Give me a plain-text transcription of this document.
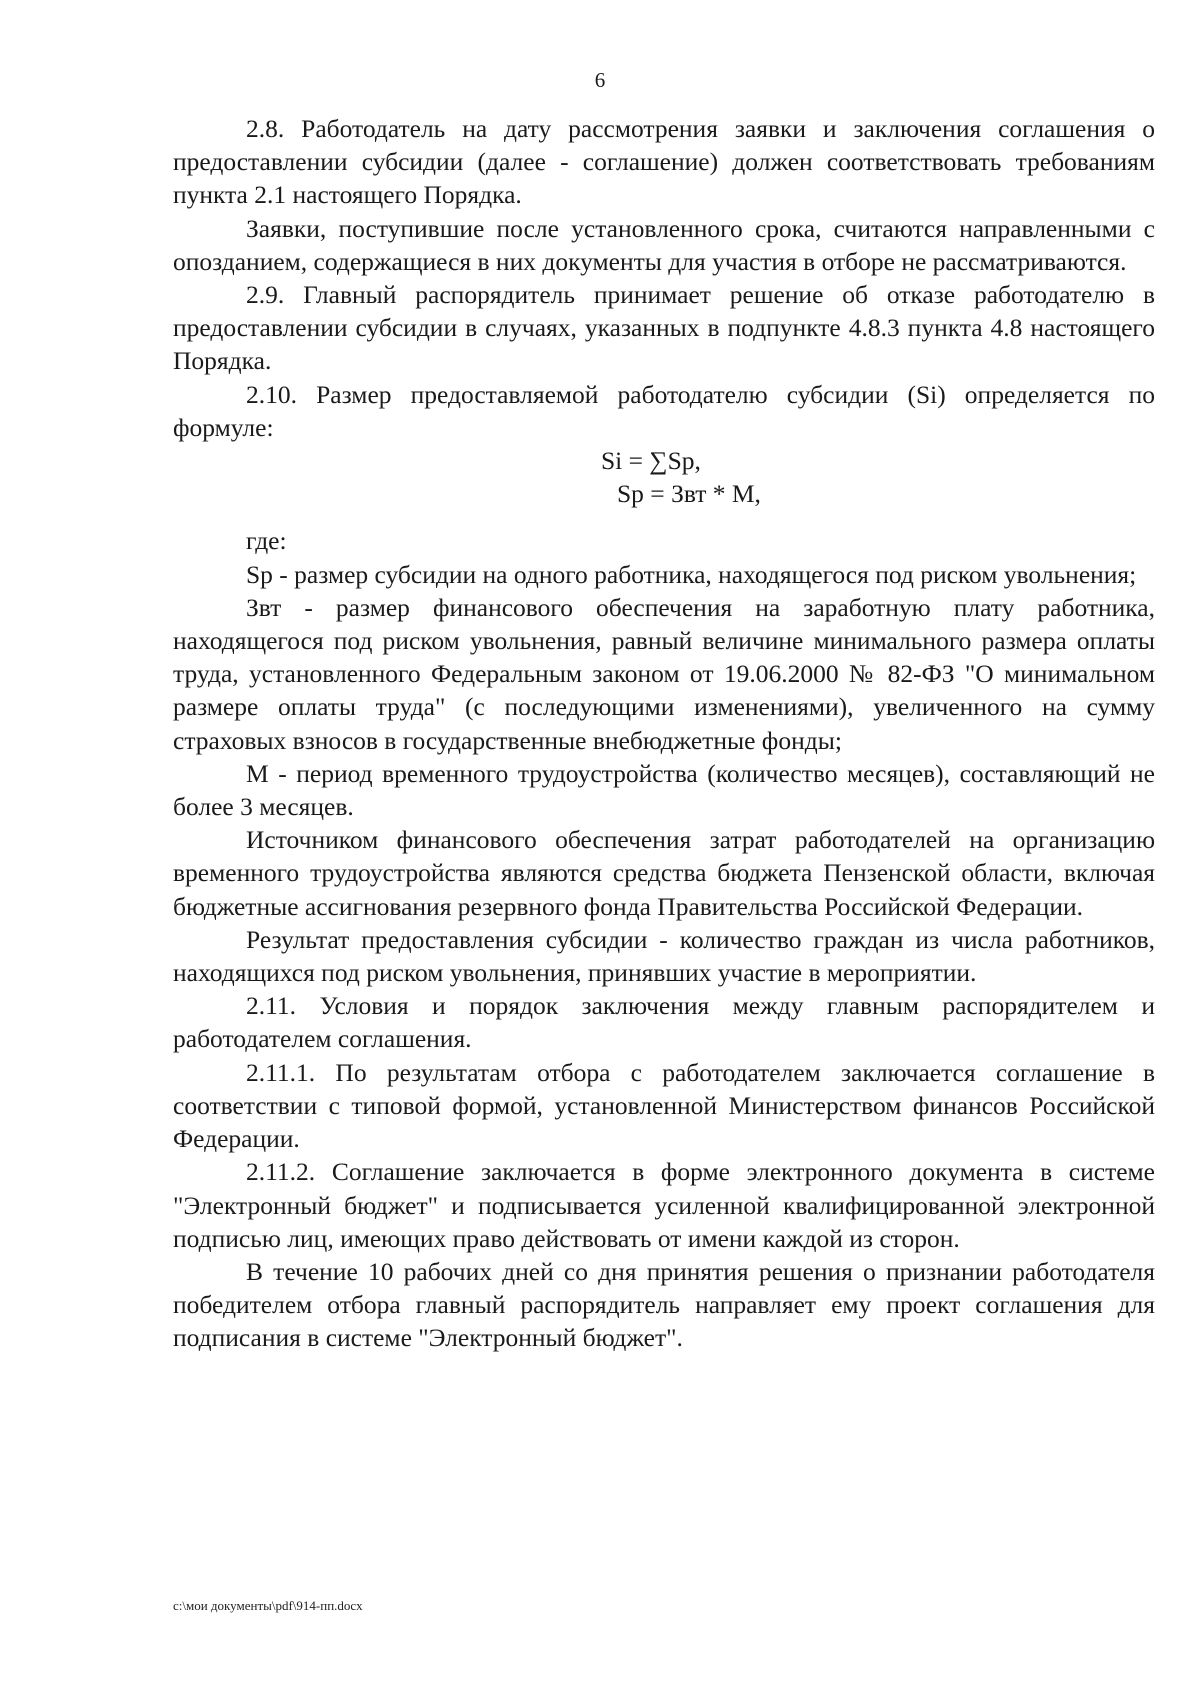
6

2.8. Работодатель на дату рассмотрения заявки и заключения соглашения о предоставлении субсидии (далее - соглашение) должен соответствовать требованиям пункта 2.1 настоящего Порядка.

Заявки, поступившие после установленного срока, считаются направленными с опозданием, содержащиеся в них документы для участия в отборе не рассматриваются.

2.9. Главный распорядитель принимает решение об отказе работодателю в предоставлении субсидии в случаях, указанных в подпункте 4.8.3 пункта 4.8 настоящего Порядка.

2.10. Размер предоставляемой работодателю субсидии (Si) определяется по формуле:

Si = ∑Sp,

Sp = Звт * М,

где:

Sp - размер субсидии на одного работника, находящегося под риском увольнения;

Звт - размер финансового обеспечения на заработную плату работника, находящегося под риском увольнения, равный величине минимального размера оплаты труда, установленного Федеральным законом от 19.06.2000 № 82-ФЗ "О минимальном размере оплаты труда" (с последующими изменениями), увеличенного на сумму страховых взносов в государственные внебюджетные фонды;

М - период временного трудоустройства (количество месяцев), составляющий не более 3 месяцев.

Источником финансового обеспечения затрат работодателей на организацию временного трудоустройства являются средства бюджета Пензенской области, включая бюджетные ассигнования резервного фонда Правительства Российской Федерации.

Результат предоставления субсидии - количество граждан из числа работников, находящихся под риском увольнения, принявших участие в мероприятии.

2.11. Условия и порядок заключения между главным распорядителем и работодателем соглашения.

2.11.1. По результатам отбора с работодателем заключается соглашение в соответствии с типовой формой, установленной Министерством финансов Российской Федерации.

2.11.2. Соглашение заключается в форме электронного документа в системе "Электронный бюджет" и подписывается усиленной квалифицированной электронной подписью лиц, имеющих право действовать от имени каждой из сторон.

В течение 10 рабочих дней со дня принятия решения о признании работодателя победителем отбора главный распорядитель направляет ему проект соглашения для подписания в системе "Электронный бюджет".

c:\мои документы\pdf\914-пп.docx
